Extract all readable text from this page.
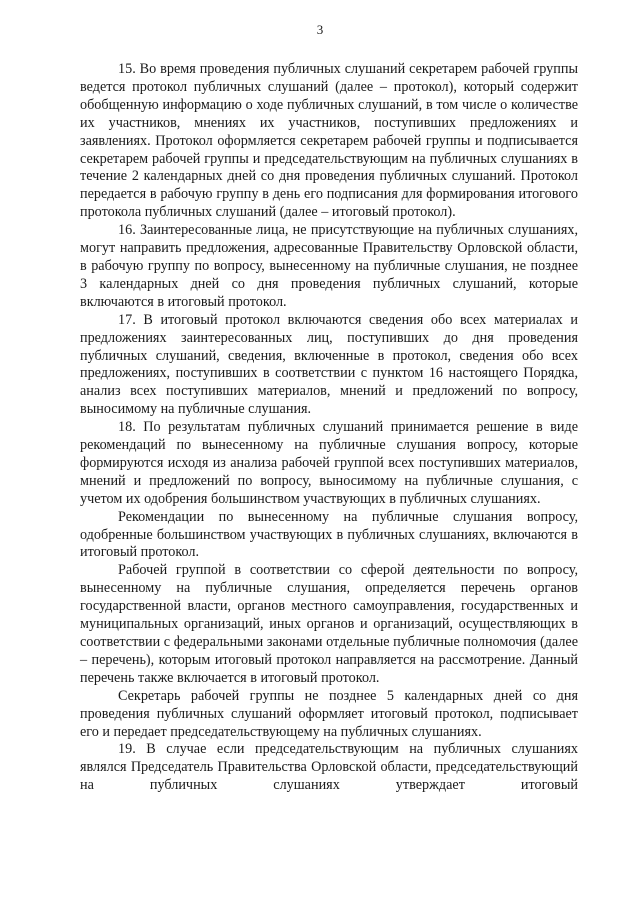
3

15. Во время проведения публичных слушаний секретарем рабочей группы ведется протокол публичных слушаний (далее – протокол), который содержит обобщенную информацию о ходе публичных слушаний, в том числе о количестве их участников, мнениях их участников, поступивших предложениях и заявлениях. Протокол оформляется секретарем рабочей группы и подписывается секретарем рабочей группы и председательствующим на публичных слушаниях в течение 2 календарных дней со дня проведения публичных слушаний. Протокол передается в рабочую группу в день его подписания для формирования итогового протокола публичных слушаний (далее – итоговый протокол).

16. Заинтересованные лица, не присутствующие на публичных слушаниях, могут направить предложения, адресованные Правительству Орловской области, в рабочую группу по вопросу, вынесенному на публичные слушания, не позднее 3 календарных дней со дня проведения публичных слушаний, которые включаются в итоговый протокол.

17. В итоговый протокол включаются сведения обо всех материалах и предложениях заинтересованных лиц, поступивших до дня проведения публичных слушаний, сведения, включенные в протокол, сведения обо всех предложениях, поступивших в соответствии с пунктом 16 настоящего Порядка, анализ всех поступивших материалов, мнений и предложений по вопросу, выносимому на публичные слушания.

18. По результатам публичных слушаний принимается решение в виде рекомендаций по вынесенному на публичные слушания вопросу, которые формируются исходя из анализа рабочей группой всех поступивших материалов, мнений и предложений по вопросу, выносимому на публичные слушания, с учетом их одобрения большинством участвующих в публичных слушаниях.

Рекомендации по вынесенному на публичные слушания вопросу, одобренные большинством участвующих в публичных слушаниях, включаются в итоговый протокол.

Рабочей группой в соответствии со сферой деятельности по вопросу, вынесенному на публичные слушания, определяется перечень органов государственной власти, органов местного самоуправления, государственных и муниципальных организаций, иных органов и организаций, осуществляющих в соответствии с федеральными законами отдельные публичные полномочия (далее – перечень), которым итоговый протокол направляется на рассмотрение. Данный перечень также включается в итоговый протокол.

Секретарь рабочей группы не позднее 5 календарных дней со дня проведения публичных слушаний оформляет итоговый протокол, подписывает его и передает председательствующему на публичных слушаниях.

19. В случае если председательствующим на публичных слушаниях являлся Председатель Правительства Орловской области, председательствующий на публичных слушаниях утверждает итоговый
